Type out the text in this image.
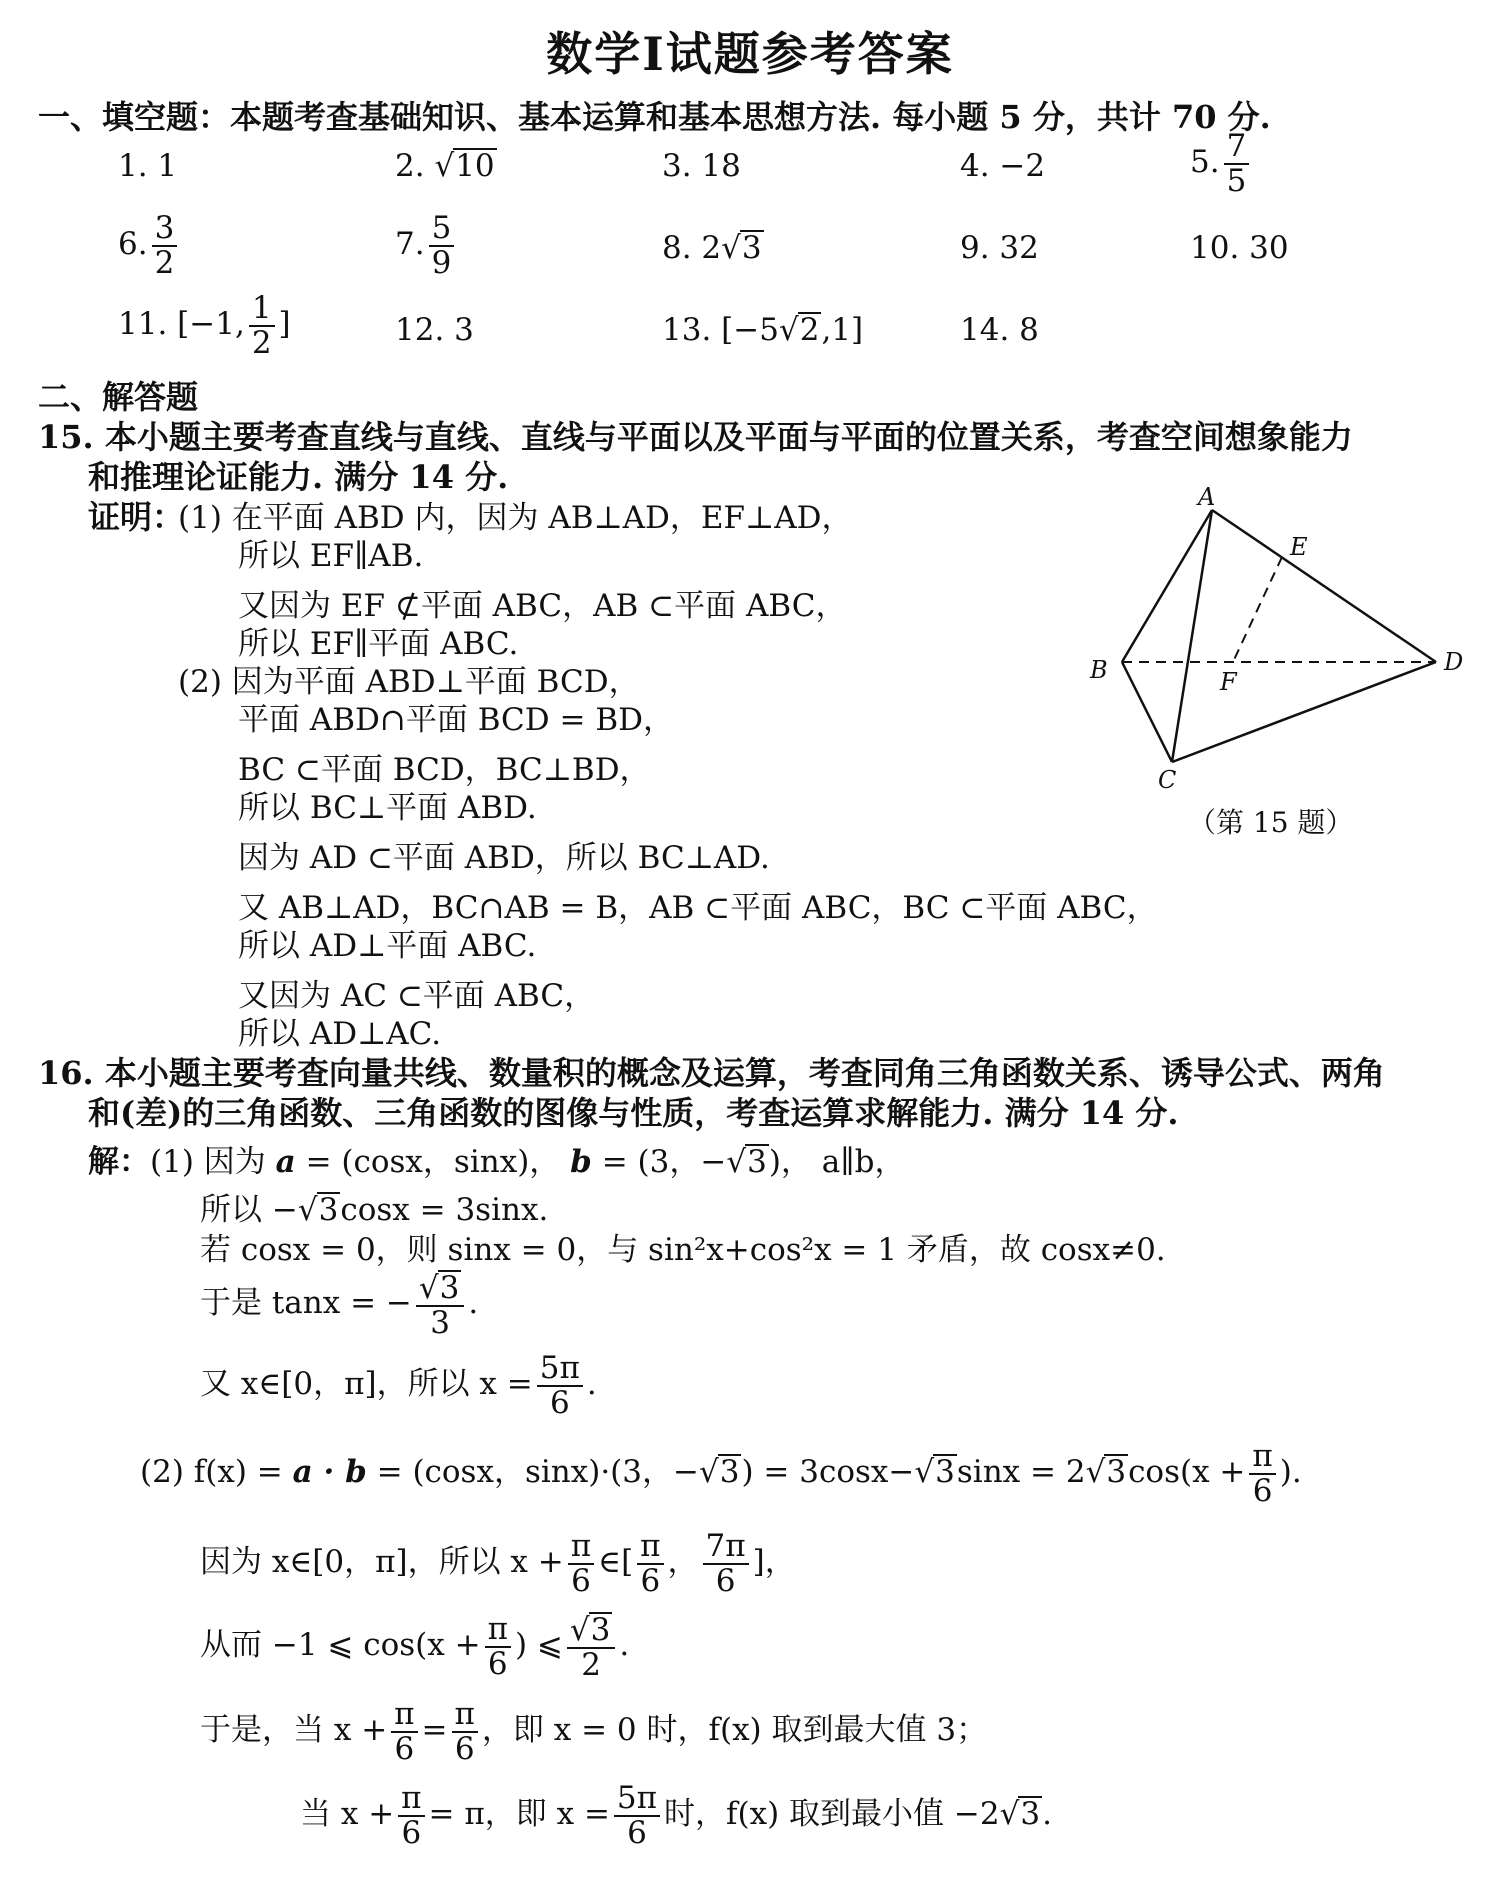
数学Ⅰ试题参考答案
一、填空题：本题考查基础知识、基本运算和基本思想方法. 每小题 5 分，共计 70 分.
1. 1	2. √10	3. 18	4. −2	5. $\frac{7}{5}$
6. $\frac{3}{2}$	7. $\frac{5}{9}$	8. 2√3	9. 32	10. 30
11. [−1, $\frac{1}{2}$ ]	12. 3	13. [−5√2,1]	14. 8
二、解答题
15. 本小题主要考查直线与直线、直线与平面以及平面与平面的位置关系，考查空间想象能力
和推理论证能力. 满分 14 分.
证明：
(1) 在平面 ABD 内，因为 AB⊥AD，EF⊥AD，
所以 EF∥AB.
又因为 EF ⊄平面 ABC，AB ⊂平面 ABC，
所以 EF∥平面 ABC.
(2) 因为平面 ABD⊥平面 BCD，
平面 ABD∩平面 BCD = BD，
BC ⊂平面 BCD，BC⊥BD，
所以 BC⊥平面 ABD.
因为 AD ⊂平面 ABD，所以 BC⊥AD.
又 AB⊥AD，BC∩AB = B，AB ⊂平面 ABC，BC ⊂平面 ABC，
所以 AD⊥平面 ABC.
又因为 AC ⊂平面 ABC，
所以 AD⊥AC.
A
E
B	F
D
C
（第 15 题）
16. 本小题主要考查向量共线、数量积的概念及运算，考查同角三角函数关系、诱导公式、两角
和(差)的三角函数、三角函数的图像与性质，考查运算求解能力. 满分 14 分.
解：(1) 因为 a = (cosx，sinx)， b = (3，−√3)， a∥b，
所以 −√3cosx = 3sinx.
若 cosx = 0，则 sinx = 0，与 sin²x+cos²x = 1 矛盾，故 cosx≠0.
于是 tanx = − $\frac{√3}{3}$ .
又 x∈[0，π]，所以 $x = \frac{5\pi}{6}$ .
(2) f(x) = a · b = (cosx，sinx)·(3，$-√3) = 3\cos x-√3\sin x = 2√3\cos(x + \frac{\pi}{6}$ ).
因为 x∈[0，π]，所以 $x + \frac{\pi}{6}$ ∈[ $\frac{\pi}{6}$ ， $\frac{7\pi}{6}$ ]，
从而 −1 ⩽ $\cos(x + \frac{\pi}{6}$ ) ⩽ $\frac{√3}{2}$ .
于是，当 $x + \frac{\pi}{6} = \frac{\pi}{6}$ ，即 x = 0 时，f(x) 取到最大值 3；
当 $x + \frac{\pi}{6} = \pi$，即 $x = \frac{5\pi}{6}$ 时，f(x) 取到最小值 −2√3.
